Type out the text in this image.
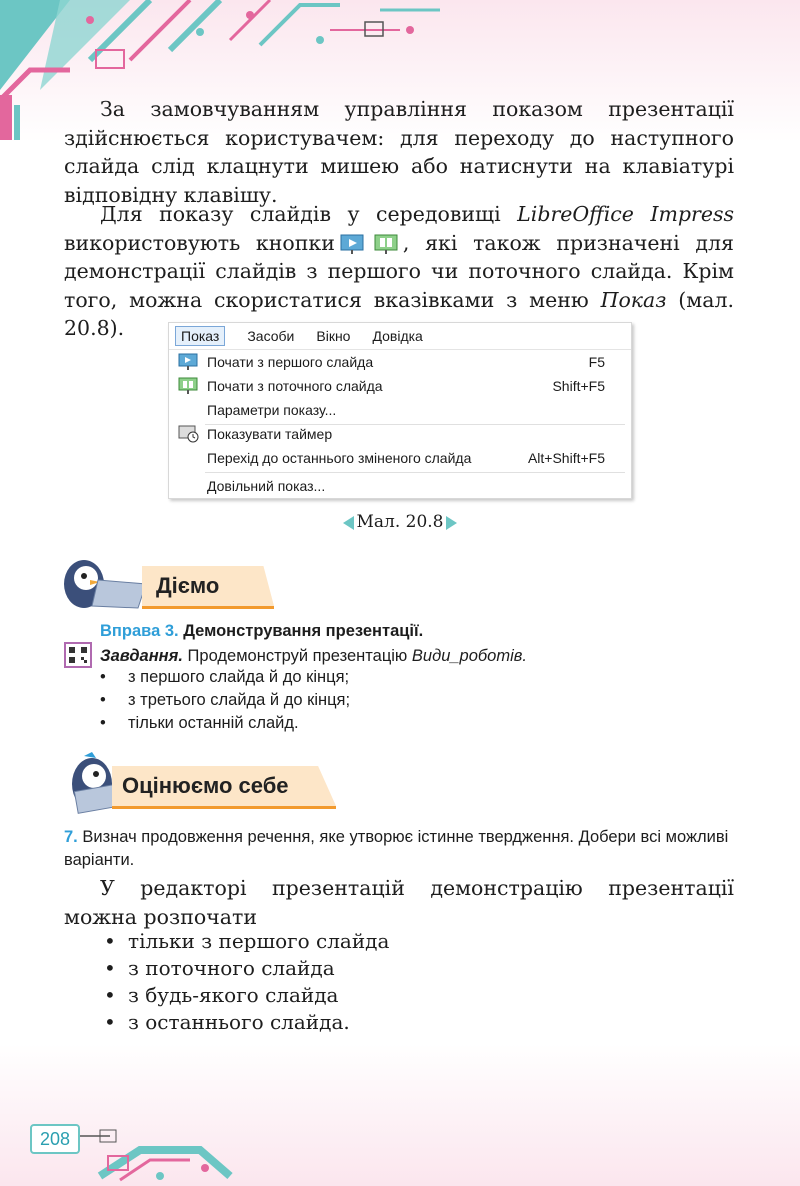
За замовчуванням управління показом презентації здійснюється користувачем: для переходу до наступного слайда слід клацнути мишею або натиснути на клавіатурі відповідну клавішу.

Для показу слайдів у середовищі LibreOffice Impress використовують кнопки	, які також призначені для демонстрації слайдів з першого чи поточного слайда. Крім того, можна скористатися вказівками з меню Показ (мал. 20.8).	Показ	Засоби Вікно Довідка
Почати з першого слайда	F5
Почати з поточного слайда	Shift+F5
Параметри показу...
Показувати таймер
Перехід до останнього зміненого слайда	Alt+Shift+F5
Довільний показ...
Мал. 20.8
Діємо

Вправа 3. Демонстрування презентації.

Завдання. Продемонструй презентацію Види_роботів.

з першого слайда й до кінця;
з третього слайда й до кінця;
тільки останній слайд.
Оцінюємо себе

7. Визнач продовження речення, яке утворює істинне твердження. Добери всі можливі варіанти.

У редакторі презентацій демонстрацію презентації можна розпочати

тільки з першого слайда
з поточного слайда
з будь-якого слайда
з останнього слайда.
208
